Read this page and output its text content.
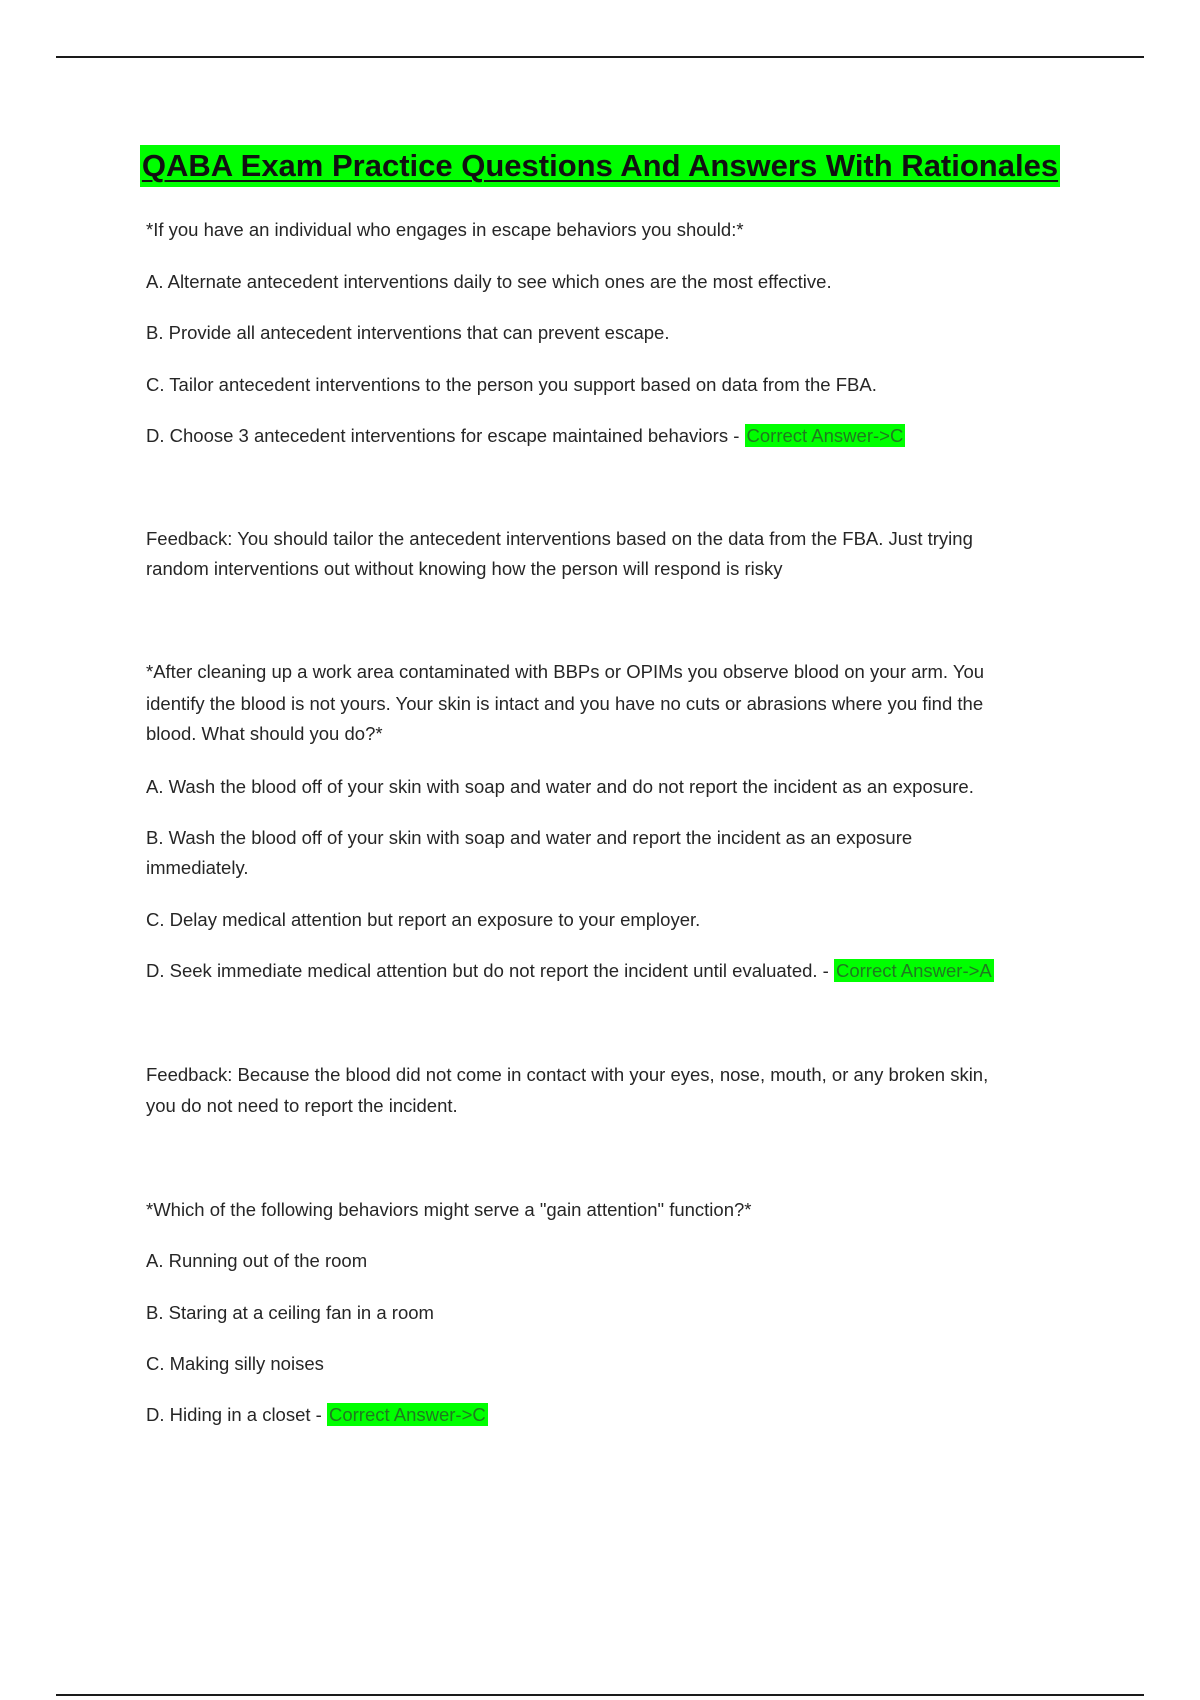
QABA Exam Practice Questions And Answers With Rationales
*If you have an individual who engages in escape behaviors you should:*
A. Alternate antecedent interventions daily to see which ones are the most effective.
B. Provide all antecedent interventions that can prevent escape.
C. Tailor antecedent interventions to the person you support based on data from the FBA.
D. Choose 3 antecedent interventions for escape maintained behaviors - Correct Answer->C
Feedback: You should tailor the antecedent interventions based on the data from the FBA. Just trying
random interventions out without knowing how the person will respond is risky
*After cleaning up a work area contaminated with BBPs or OPIMs you observe blood on your arm. You
identify the blood is not yours. Your skin is intact and you have no cuts or abrasions where you find the
blood. What should you do?*
A. Wash the blood off of your skin with soap and water and do not report the incident as an exposure.
B. Wash the blood off of your skin with soap and water and report the incident as an exposure
immediately.
C. Delay medical attention but report an exposure to your employer.
D. Seek immediate medical attention but do not report the incident until evaluated. - Correct Answer->A
Feedback: Because the blood did not come in contact with your eyes, nose, mouth, or any broken skin,
you do not need to report the incident.
*Which of the following behaviors might serve a "gain attention" function?*
A. Running out of the room
B. Staring at a ceiling fan in a room
C. Making silly noises
D. Hiding in a closet - Correct Answer->C
